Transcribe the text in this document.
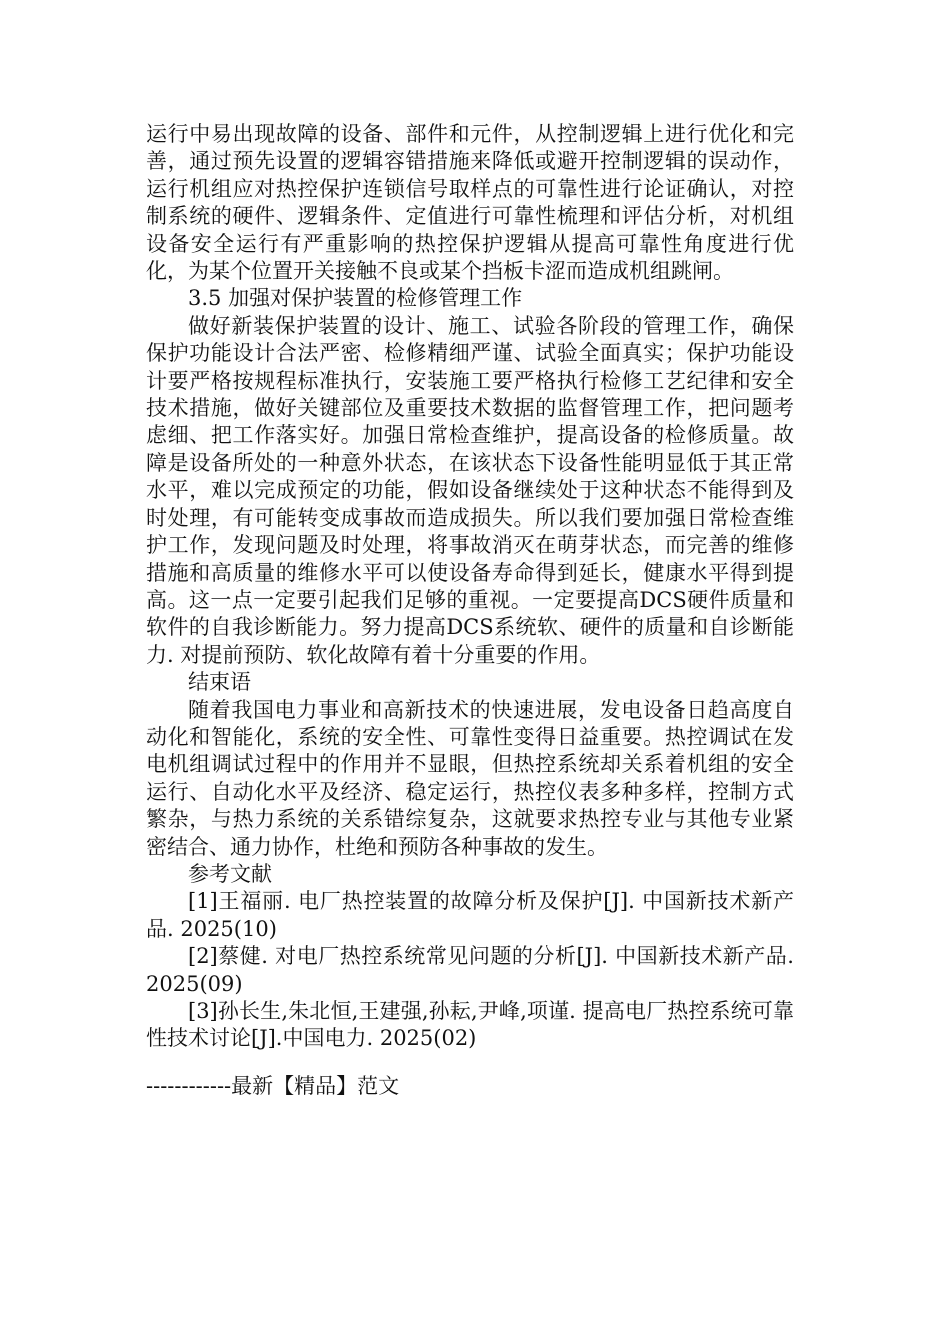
运行中易出现故障的设备、部件和元件，从控制逻辑上进行优化和完善，通过预先设置的逻辑容错措施来降低或避开控制逻辑的误动作，运行机组应对热控保护连锁信号取样点的可靠性进行论证确认，对控制系统的硬件、逻辑条件、定值进行可靠性梳理和评估分析，对机组设备安全运行有严重影响的热控保护逻辑从提高可靠性角度进行优化，为某个位置开关接触不良或某个挡板卡涩而造成机组跳闸。

3.5 加强对保护装置的检修管理工作

做好新装保护装置的设计、施工、试验各阶段的管理工作，确保保护功能设计合法严密、检修精细严谨、试验全面真实；保护功能设计要严格按规程标准执行，安装施工要严格执行检修工艺纪律和安全技术措施，做好关键部位及重要技术数据的监督管理工作，把问题考虑细、把工作落实好。加强日常检查维护，提高设备的检修质量。故障是设备所处的一种意外状态，在该状态下设备性能明显低于其正常水平，难以完成预定的功能，假如设备继续处于这种状态不能得到及时处理，有可能转变成事故而造成损失。所以我们要加强日常检查维护工作，发现问题及时处理，将事故消灭在萌芽状态，而完善的维修措施和高质量的维修水平可以使设备寿命得到延长，健康水平得到提高。这一点一定要引起我们足够的重视。一定要提高DCS硬件质量和软件的自我诊断能力。努力提高DCS系统软、硬件的质量和自诊断能力. 对提前预防、软化故障有着十分重要的作用。

结束语

随着我国电力事业和高新技术的快速进展，发电设备日趋高度自动化和智能化，系统的安全性、可靠性变得日益重要。热控调试在发电机组调试过程中的作用并不显眼，但热控系统却关系着机组的安全运行、自动化水平及经济、稳定运行，热控仪表多种多样，控制方式繁杂，与热力系统的关系错综复杂，这就要求热控专业与其他专业紧密结合、通力协作，杜绝和预防各种事故的发生。

参考文献

[1]王福丽. 电厂热控装置的故障分析及保护[J]. 中国新技术新产品. 2025(10)

[2]蔡健. 对电厂热控系统常见问题的分析[J]. 中国新技术新产品. 2025(09)

[3]孙长生,朱北恒,王建强,孙耘,尹峰,项谨. 提高电厂热控系统可靠性技术讨论[J].中国电力. 2025(02)

------------最新【精品】范文
